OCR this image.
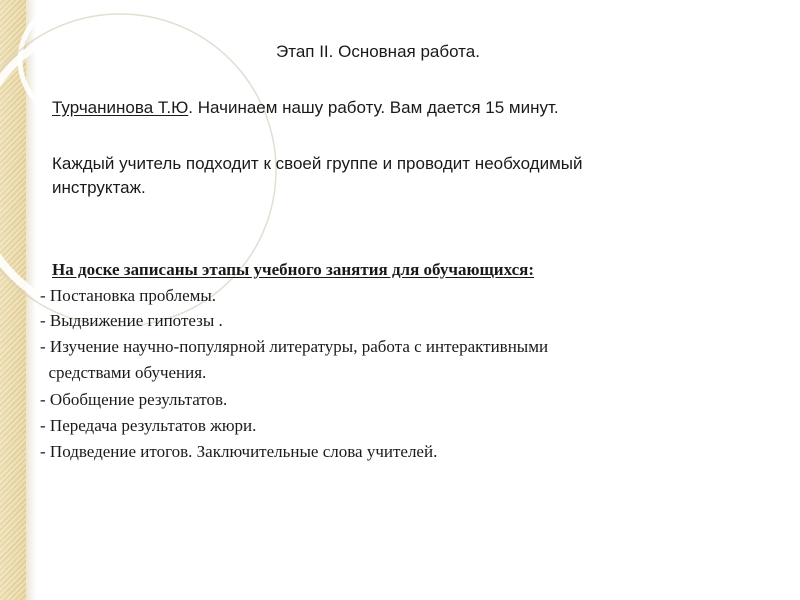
Этап II. Основная работа.
Турчанинова Т.Ю. Начинаем нашу работу. Вам дается 15 минут.
Каждый учитель подходит к своей группе и проводит необходимый
инструктаж.
На доске записаны этапы учебного занятия для обучающихся:
- Постановка проблемы.
- Выдвижение гипотезы .
- Изучение научно-популярной литературы, работа с интерактивными
средствами обучения.
- Обобщение результатов.
- Передача результатов жюри.
- Подведение итогов. Заключительные слова учителей.
